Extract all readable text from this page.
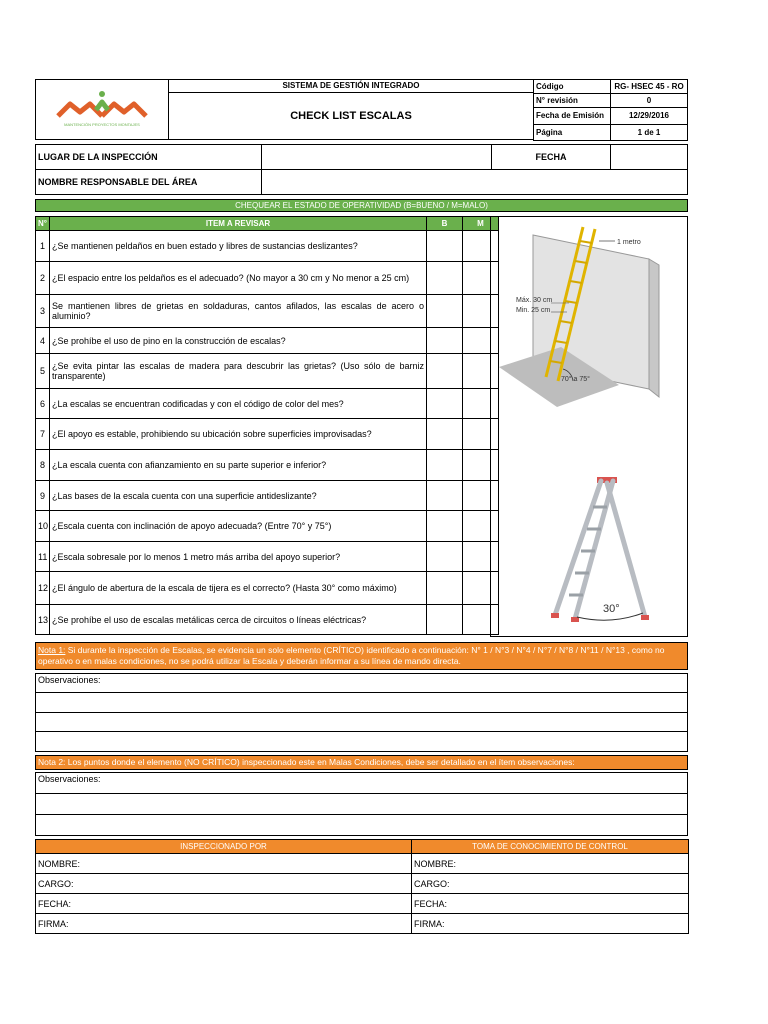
MANTENCIÓN PROYECTOS MONTAJES
SISTEMA DE GESTIÓN INTEGRADO
CHECK LIST ESCALAS
Código	RG- HSEC 45 - RO
N° revisión	0
Fecha de Emisión	12/29/2016
Página	1 de 1
LUGAR DE LA INSPECCIÓN	FECHA
NOMBRE RESPONSABLE DEL ÁREA
CHEQUEAR EL ESTADO DE OPERATIVIDAD (B=BUENO / M=MALO)
N°	ITEM A REVISAR	B	M
1	¿Se mantienen peldaños en buen estado y libres de sustancias deslizantes?		
2	¿El espacio entre los peldaños es el adecuado? (No mayor a 30 cm y No menor a 25 cm)		
3	Se mantienen libres de grietas en soldaduras, cantos afilados, las escalas de acero o aluminio?		
4	¿Se prohíbe el uso de pino en la construcción de escalas?		
5	¿Se evita pintar las escalas de madera para descubrir las grietas? (Uso sólo de barniz transparente)		
6	¿La escalas se encuentran codificadas y con el código de color del mes?		
7	¿El apoyo es estable, prohibiendo su ubicación sobre superficies improvisadas?		
8	¿La escala cuenta con afianzamiento en su parte superior e inferior?		
9	¿Las bases de la escala cuenta con una superficie antideslizante?		
10	¿Escala cuenta con inclinación de apoyo adecuada? (Entre 70° y 75°)		
11	¿Escala sobresale por lo menos 1 metro más arriba del apoyo superior?		
12	¿El ángulo de abertura de la escala de tijera es el correcto? (Hasta 30° como máximo)		
13	¿Se prohíbe el uso de escalas metálicas cerca de circuitos o líneas eléctricas?		
1 metro
Máx. 30 cm
Min. 25 cm
70° a 75°
30°
Nota 1: Si durante la inspección de Escalas, se evidencia un solo elemento (CRÍTICO) identificado a continuación: N° 1 / N°3 / N°4 / N°7 / N°8 / N°11 / N°13 , como no operativo o en malas condiciones, no se podrá utilizar la Escala y deberán informar a su línea de mando directa.
Observaciones:
Nota 2: Los puntos donde el elemento (NO CRÍTICO) inspeccionado este en Malas Condiciones, debe ser detallado en el ítem observaciones:
Observaciones:
INSPECCIONADO POR	TOMA DE CONOCIMIENTO DE CONTROL
NOMBRE:	NOMBRE:
CARGO:	CARGO:
FECHA:	FECHA:
FIRMA:	FIRMA:
